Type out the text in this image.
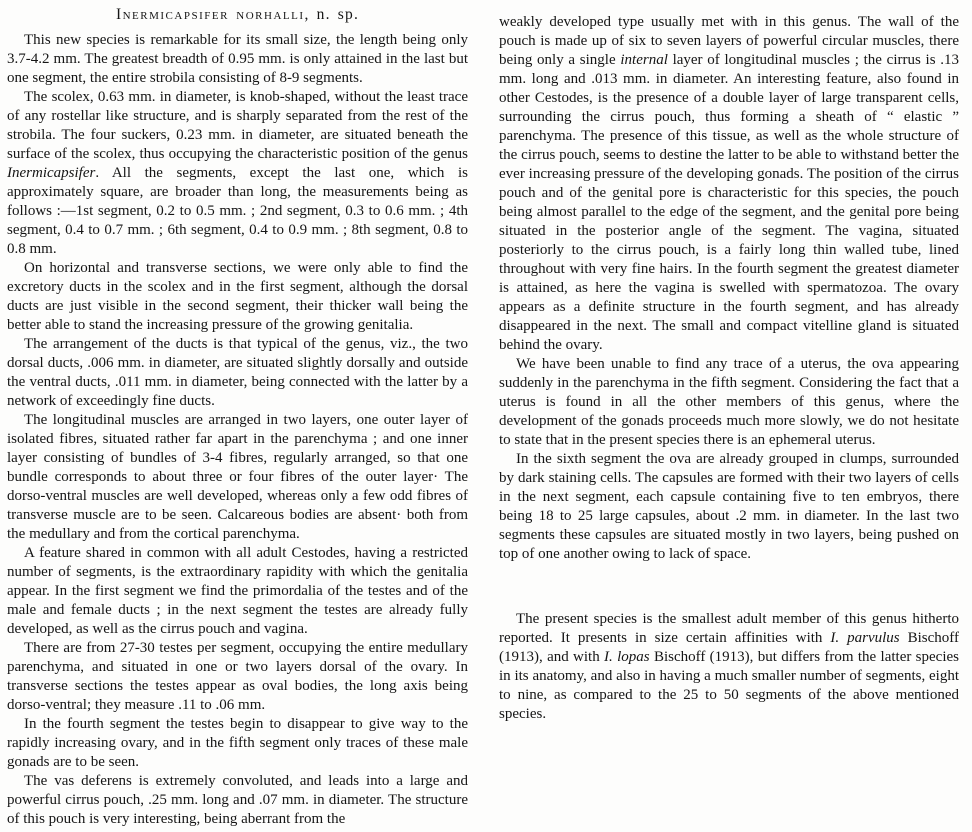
Inermicapsifer norhalli, n. sp.

This new species is remarkable for its small size, the length being only 3.7-4.2 mm. The greatest breadth of 0.95 mm. is only attained in the last but one segment, the entire strobila consisting of 8-9 segments.

The scolex, 0.63 mm. in diameter, is knob-shaped, without the least trace of any rostellar like structure, and is sharply separated from the rest of the strobila. The four suckers, 0.23 mm. in diameter, are situated beneath the surface of the scolex, thus occupying the characteristic position of the genus Inermicapsifer. All the segments, except the last one, which is approximately square, are broader than long, the measurements being as follows :—1st segment, 0.2 to 0.5 mm. ; 2nd segment, 0.3 to 0.6 mm. ; 4th segment, 0.4 to 0.7 mm. ; 6th segment, 0.4 to 0.9 mm. ; 8th segment, 0.8 to 0.8 mm.

On horizontal and transverse sections, we were only able to find the excretory ducts in the scolex and in the first segment, although the dorsal ducts are just visible in the second segment, their thicker wall being the better able to stand the increasing pressure of the growing genitalia.

The arrangement of the ducts is that typical of the genus, viz., the two dorsal ducts, .006 mm. in diameter, are situated slightly dorsally and outside the ventral ducts, .011 mm. in diameter, being connected with the latter by a network of exceedingly fine ducts.

The longitudinal muscles are arranged in two layers, one outer layer of isolated fibres, situated rather far apart in the parenchyma ; and one inner layer consisting of bundles of 3-4 fibres, regularly arranged, so that one bundle corresponds to about three or four fibres of the outer layer· The dorso-ventral muscles are well developed, whereas only a few odd fibres of transverse muscle are to be seen. Calcareous bodies are absent· both from the medullary and from the cortical parenchyma.

A feature shared in common with all adult Cestodes, having a restricted number of segments, is the extraordinary rapidity with which the genitalia appear. In the first segment we find the primordalia of the testes and of the male and female ducts ; in the next segment the testes are already fully developed, as well as the cirrus pouch and vagina.

There are from 27-30 testes per segment, occupying the entire medullary parenchyma, and situated in one or two layers dorsal of the ovary. In transverse sections the testes appear as oval bodies, the long axis being dorso-ventral; they measure .11 to .06 mm.

In the fourth segment the testes begin to disappear to give way to the rapidly increasing ovary, and in the fifth segment only traces of these male gonads are to be seen.

The vas deferens is extremely convoluted, and leads into a large and powerful cirrus pouch, .25 mm. long and .07 mm. in diameter. The structure of this pouch is very interesting, being aberrant from the

weakly developed type usually met with in this genus. The wall of the pouch is made up of six to seven layers of powerful circular muscles, there being only a single internal layer of longitudinal muscles ; the cirrus is .13 mm. long and .013 mm. in diameter. An interesting feature, also found in other Cestodes, is the presence of a double layer of large transparent cells, surrounding the cirrus pouch, thus forming a sheath of “ elastic ” parenchyma. The presence of this tissue, as well as the whole structure of the cirrus pouch, seems to destine the latter to be able to withstand better the ever increasing pressure of the developing gonads. The position of the cirrus pouch and of the genital pore is characteristic for this species, the pouch being almost parallel to the edge of the segment, and the genital pore being situated in the posterior angle of the segment. The vagina, situated posteriorly to the cirrus pouch, is a fairly long thin walled tube, lined throughout with very fine hairs. In the fourth segment the greatest diameter is attained, as here the vagina is swelled with spermatozoa. The ovary appears as a definite structure in the fourth segment, and has already disappeared in the next. The small and compact vitelline gland is situated behind the ovary.

We have been unable to find any trace of a uterus, the ova appearing suddenly in the parenchyma in the fifth segment. Considering the fact that a uterus is found in all the other members of this genus, where the development of the gonads proceeds much more slowly, we do not hesitate to state that in the present species there is an ephemeral uterus.

In the sixth segment the ova are already grouped in clumps, surrounded by dark staining cells. The capsules are formed with their two layers of cells in the next segment, each capsule containing five to ten embryos, there being 18 to 25 large capsules, about .2 mm. in diameter. In the last two segments these capsules are situated mostly in two layers, being pushed on top of one another owing to lack of space.

The present species is the smallest adult member of this genus hitherto reported. It presents in size certain affinities with I. parvulus Bischoff (1913), and with I. lopas Bischoff (1913), but differs from the latter species in its anatomy, and also in having a much smaller number of segments, eight to nine, as compared to the 25 to 50 segments of the above mentioned species.
